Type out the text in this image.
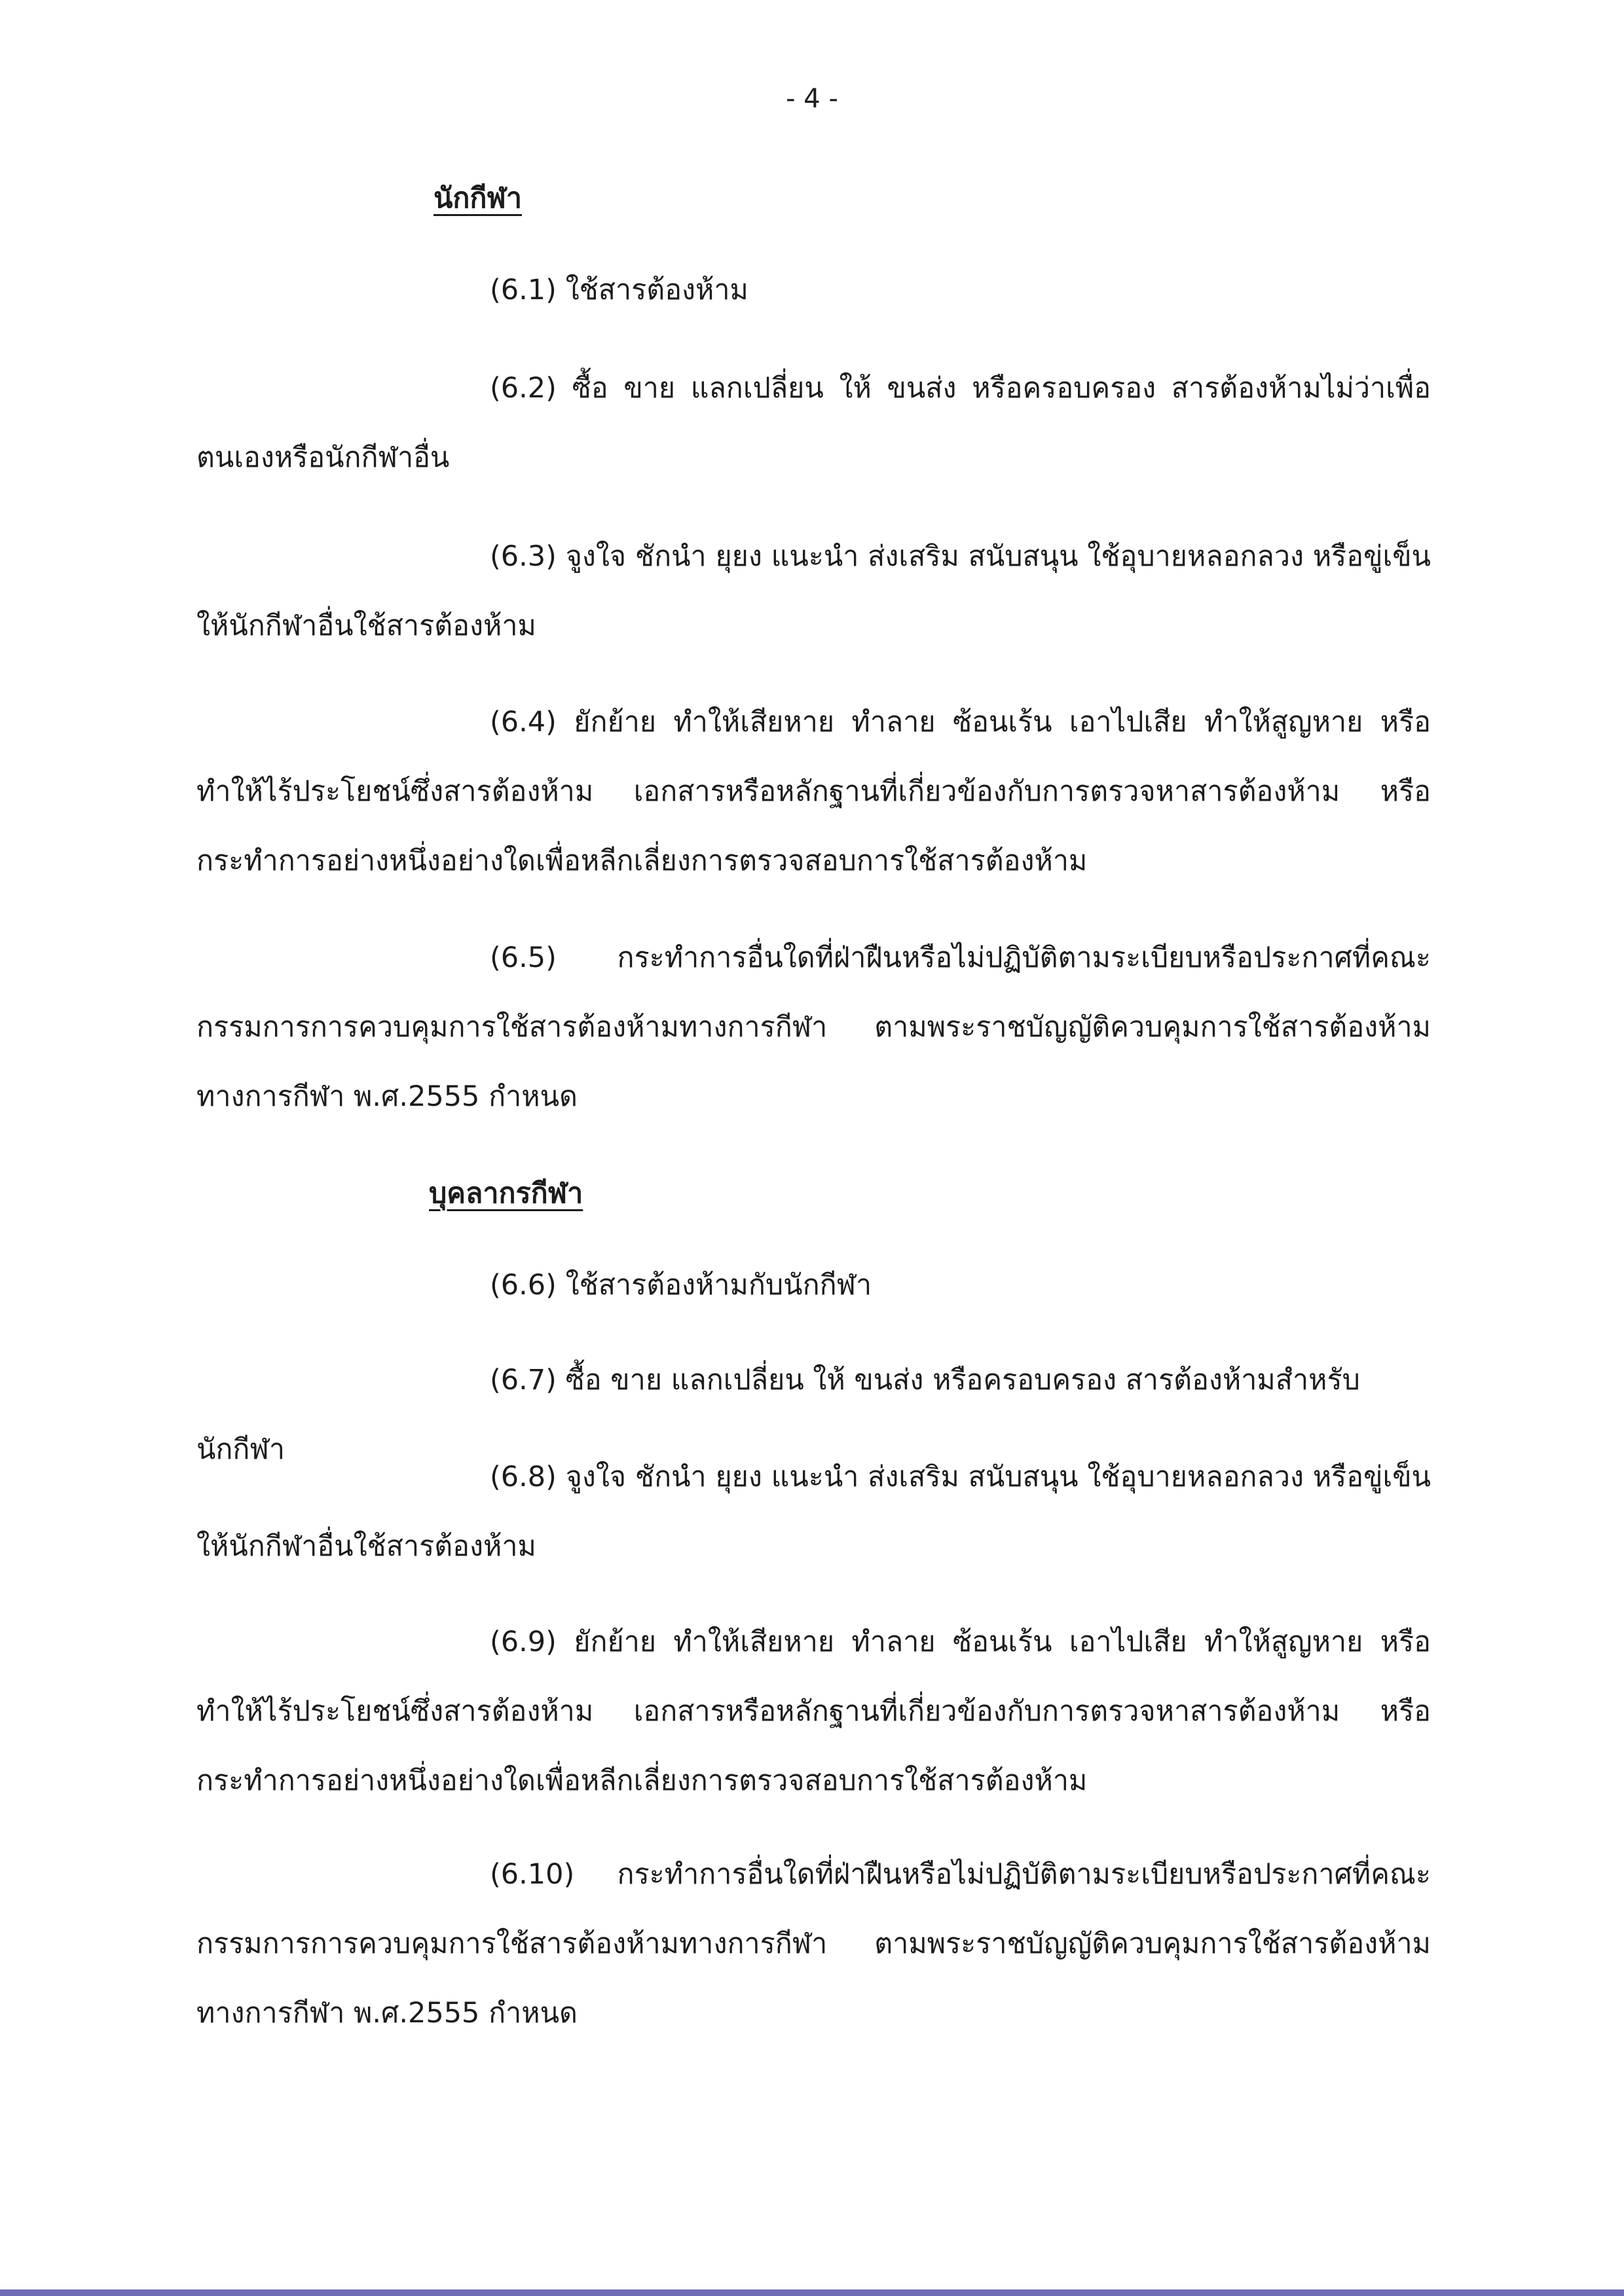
- 4 -
นักกีฬา
(6.1) ใช้สารต้องห้าม
(6.2) ซื้อ ขาย แลกเปลี่ยน ให้ ขนส่ง หรือครอบครอง สารต้องห้ามไม่ว่าเพื่อตนเองหรือนักกีฬาอื่น
(6.3) จูงใจ ชักนำ ยุยง แนะนำ ส่งเสริม สนับสนุน ใช้อุบายหลอกลวง หรือขู่เข็นให้นักกีฬาอื่นใช้สารต้องห้าม
(6.4) ยักย้าย ทำให้เสียหาย ทำลาย ซ้อนเร้น เอาไปเสีย ทำให้สูญหาย หรือทำให้ไร้ประโยชน์ซึ่งสารต้องห้าม เอกสารหรือหลักฐานที่เกี่ยวข้องกับการตรวจหาสารต้องห้าม หรือกระทำการอย่างหนึ่งอย่างใดเพื่อหลีกเลี่ยงการตรวจสอบการใช้สารต้องห้าม
(6.5) กระทำการอื่นใดที่ฝ่าฝืนหรือไม่ปฏิบัติตามระเบียบหรือประกาศที่คณะกรรมการการควบคุมการใช้สารต้องห้ามทางการกีฬา ตามพระราชบัญญัติควบคุมการใช้สารต้องห้ามทางการกีฬา พ.ศ.2555 กำหนด
บุคลากรกีฬา
(6.6) ใช้สารต้องห้ามกับนักกีฬา
(6.7) ซื้อ ขาย แลกเปลี่ยน ให้ ขนส่ง หรือครอบครอง สารต้องห้ามสำหรับนักกีฬา
(6.8) จูงใจ ชักนำ ยุยง แนะนำ ส่งเสริม สนับสนุน ใช้อุบายหลอกลวง หรือขู่เข็นให้นักกีฬาอื่นใช้สารต้องห้าม
(6.9) ยักย้าย ทำให้เสียหาย ทำลาย ซ้อนเร้น เอาไปเสีย ทำให้สูญหาย หรือทำให้ไร้ประโยชน์ซึ่งสารต้องห้าม เอกสารหรือหลักฐานที่เกี่ยวข้องกับการตรวจหาสารต้องห้าม หรือกระทำการอย่างหนึ่งอย่างใดเพื่อหลีกเลี่ยงการตรวจสอบการใช้สารต้องห้าม
(6.10) กระทำการอื่นใดที่ฝ่าฝืนหรือไม่ปฏิบัติตามระเบียบหรือประกาศที่คณะกรรมการการควบคุมการใช้สารต้องห้ามทางการกีฬา ตามพระราชบัญญัติควบคุมการใช้สารต้องห้ามทางการกีฬา พ.ศ.2555 กำหนด
